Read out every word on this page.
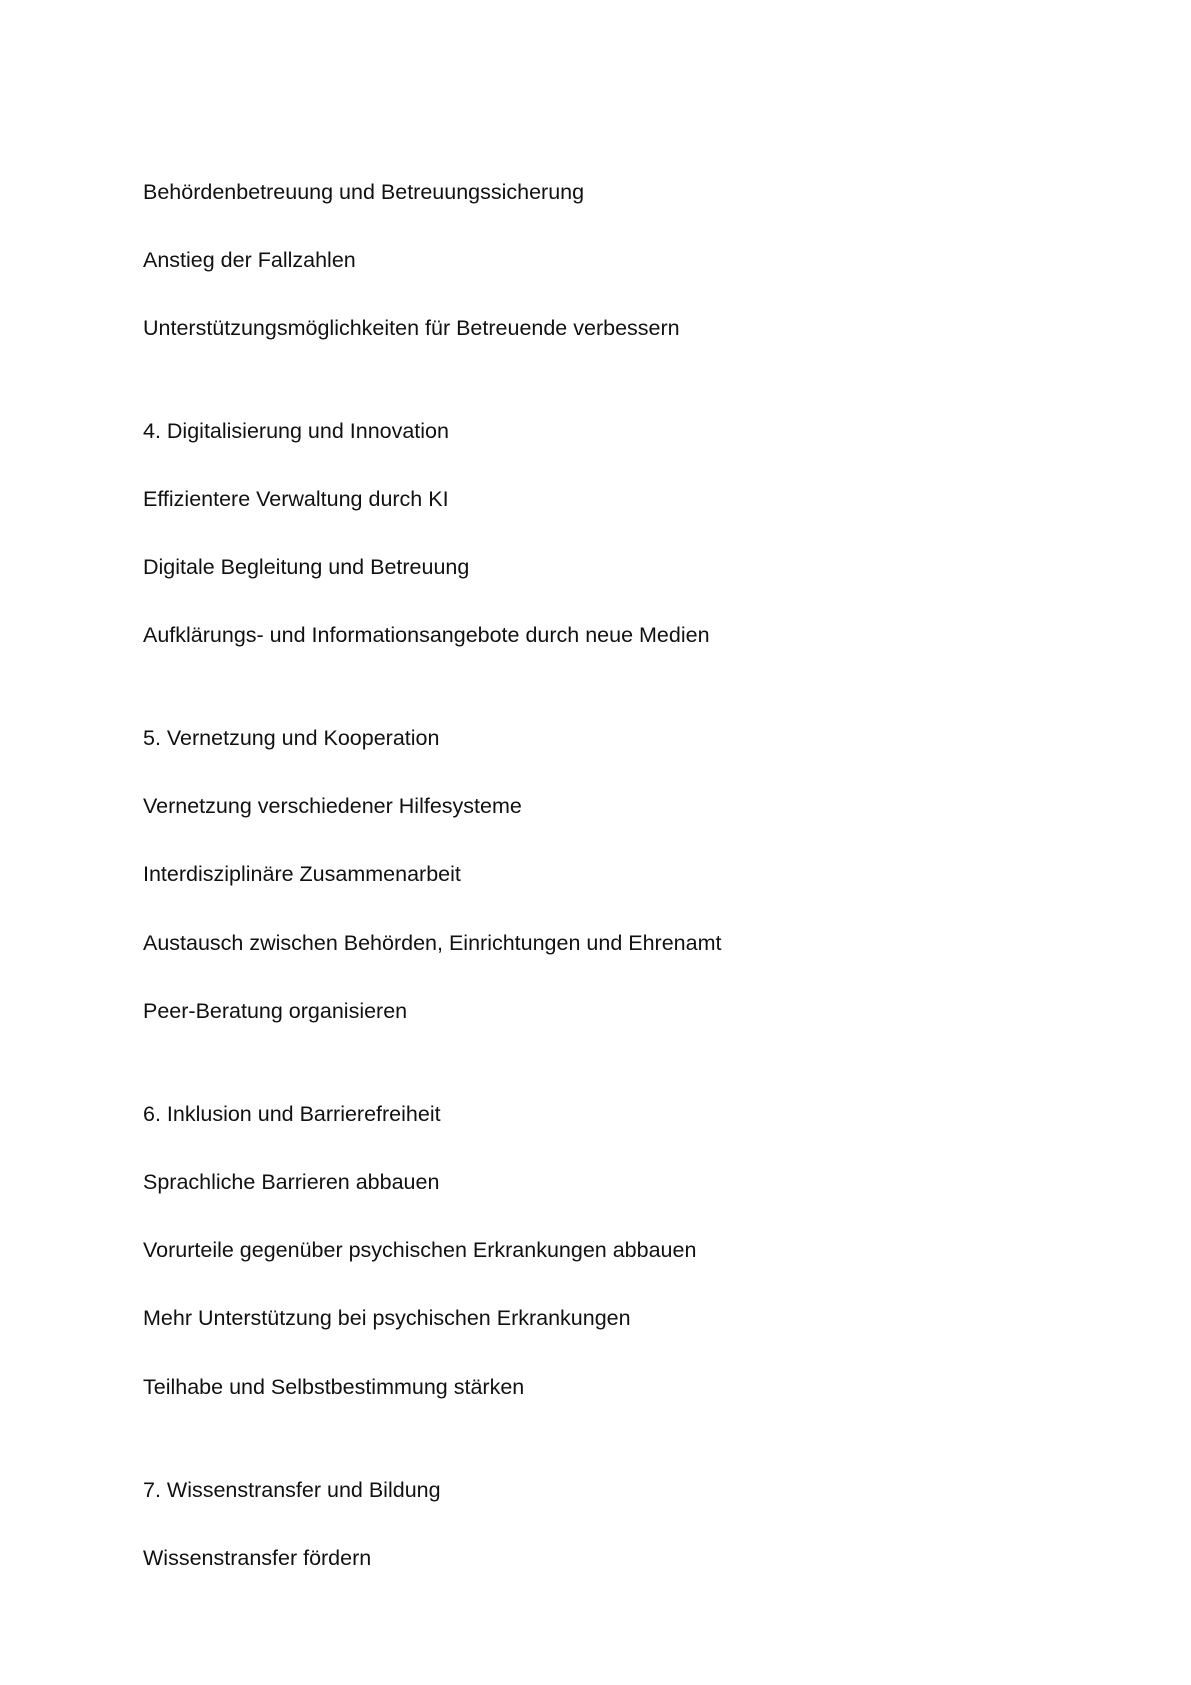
Behördenbetreuung und Betreuungssicherung

Anstieg der Fallzahlen

Unterstützungsmöglichkeiten für Betreuende verbessern

4. Digitalisierung und Innovation

Effizientere Verwaltung durch KI

Digitale Begleitung und Betreuung

Aufklärungs- und Informationsangebote durch neue Medien

5. Vernetzung und Kooperation

Vernetzung verschiedener Hilfesysteme

Interdisziplinäre Zusammenarbeit

Austausch zwischen Behörden, Einrichtungen und Ehrenamt

Peer-Beratung organisieren

6. Inklusion und Barrierefreiheit

Sprachliche Barrieren abbauen

Vorurteile gegenüber psychischen Erkrankungen abbauen

Mehr Unterstützung bei psychischen Erkrankungen

Teilhabe und Selbstbestimmung stärken

7. Wissenstransfer und Bildung

Wissenstransfer fördern
